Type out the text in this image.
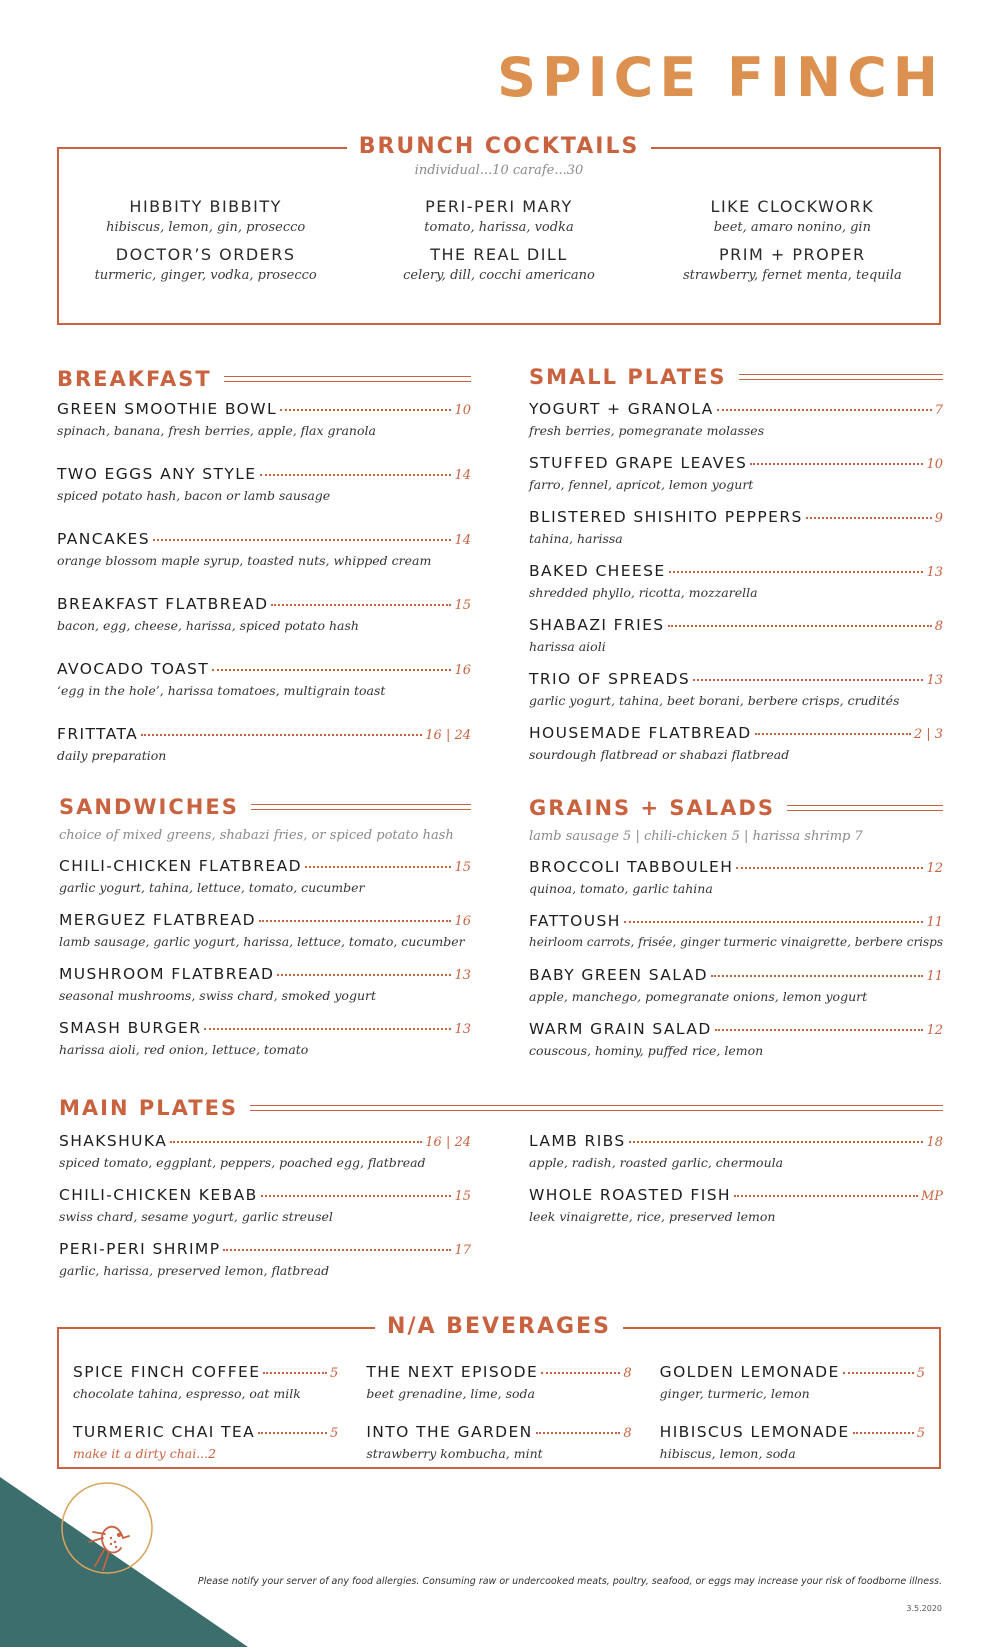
SPICE FINCH
BRUNCH COCKTAILS
individual...10 carafe...30
HIBBITY BIBBITY
hibiscus, lemon, gin, prosecco
PERI-PERI MARY
tomato, harissa, vodka
LIKE CLOCKWORK
beet, amaro nonino, gin
DOCTOR’S ORDERS
turmeric, ginger, vodka, prosecco
THE REAL DILL
celery, dill, cocchi americano
PRIM + PROPER
strawberry, fernet menta, tequila
BREAKFAST
GREEN SMOOTHIE BOWL	10
spinach, banana, fresh berries, apple, flax granola
TWO EGGS ANY STYLE	14
spiced potato hash, bacon or lamb sausage
PANCAKES	14
orange blossom maple syrup, toasted nuts, whipped cream
BREAKFAST FLATBREAD	15
bacon, egg, cheese, harissa, spiced potato hash
AVOCADO TOAST	16
‘egg in the hole’, harissa tomatoes, multigrain toast
FRITTATA	16 | 24
daily preparation
SMALL PLATES
YOGURT + GRANOLA	7
fresh berries, pomegranate molasses
STUFFED GRAPE LEAVES	10
farro, fennel, apricot, lemon yogurt
BLISTERED SHISHITO PEPPERS	9
tahina, harissa
BAKED CHEESE	13
shredded phyllo, ricotta, mozzarella
SHABAZI FRIES	8
harissa aioli
TRIO OF SPREADS	13
garlic yogurt, tahina, beet borani, berbere crisps, crudités
HOUSEMADE FLATBREAD	2 | 3
sourdough flatbread or shabazi flatbread
SANDWICHES
choice of mixed greens, shabazi fries, or spiced potato hash
CHILI-CHICKEN FLATBREAD	15
garlic yogurt, tahina, lettuce, tomato, cucumber
MERGUEZ FLATBREAD	16
lamb sausage, garlic yogurt, harissa, lettuce, tomato, cucumber
MUSHROOM FLATBREAD	13
seasonal mushrooms, swiss chard, smoked yogurt
SMASH BURGER	13
harissa aioli, red onion, lettuce, tomato
GRAINS + SALADS
lamb sausage 5 | chili-chicken 5 | harissa shrimp 7
BROCCOLI TABBOULEH	12
quinoa, tomato, garlic tahina
FATTOUSH	11
heirloom carrots, frisée, ginger turmeric vinaigrette, berbere crisps
BABY GREEN SALAD	11
apple, manchego, pomegranate onions, lemon yogurt
WARM GRAIN SALAD	12
couscous, hominy, puffed rice, lemon
MAIN PLATES
SHAKSHUKA	16 | 24
spiced tomato, eggplant, peppers, poached egg, flatbread
CHILI-CHICKEN KEBAB	15
swiss chard, sesame yogurt, garlic streusel
PERI-PERI SHRIMP	17
garlic, harissa, preserved lemon, flatbread
LAMB RIBS	18
apple, radish, roasted garlic, chermoula
WHOLE ROASTED FISH	MP
leek vinaigrette, rice, preserved lemon
N/A BEVERAGES
SPICE FINCH COFFEE	5
chocolate tahina, espresso, oat milk
THE NEXT EPISODE	8
beet grenadine, lime, soda
GOLDEN LEMONADE	5
ginger, turmeric, lemon
TURMERIC CHAI TEA	5
make it a dirty chai...2
INTO THE GARDEN	8
strawberry kombucha, mint
HIBISCUS LEMONADE	5
hibiscus, lemon, soda
Please notify your server of any food allergies. Consuming raw or undercooked meats, poultry, seafood, or eggs may increase your risk of foodborne illness.
3.5.2020
